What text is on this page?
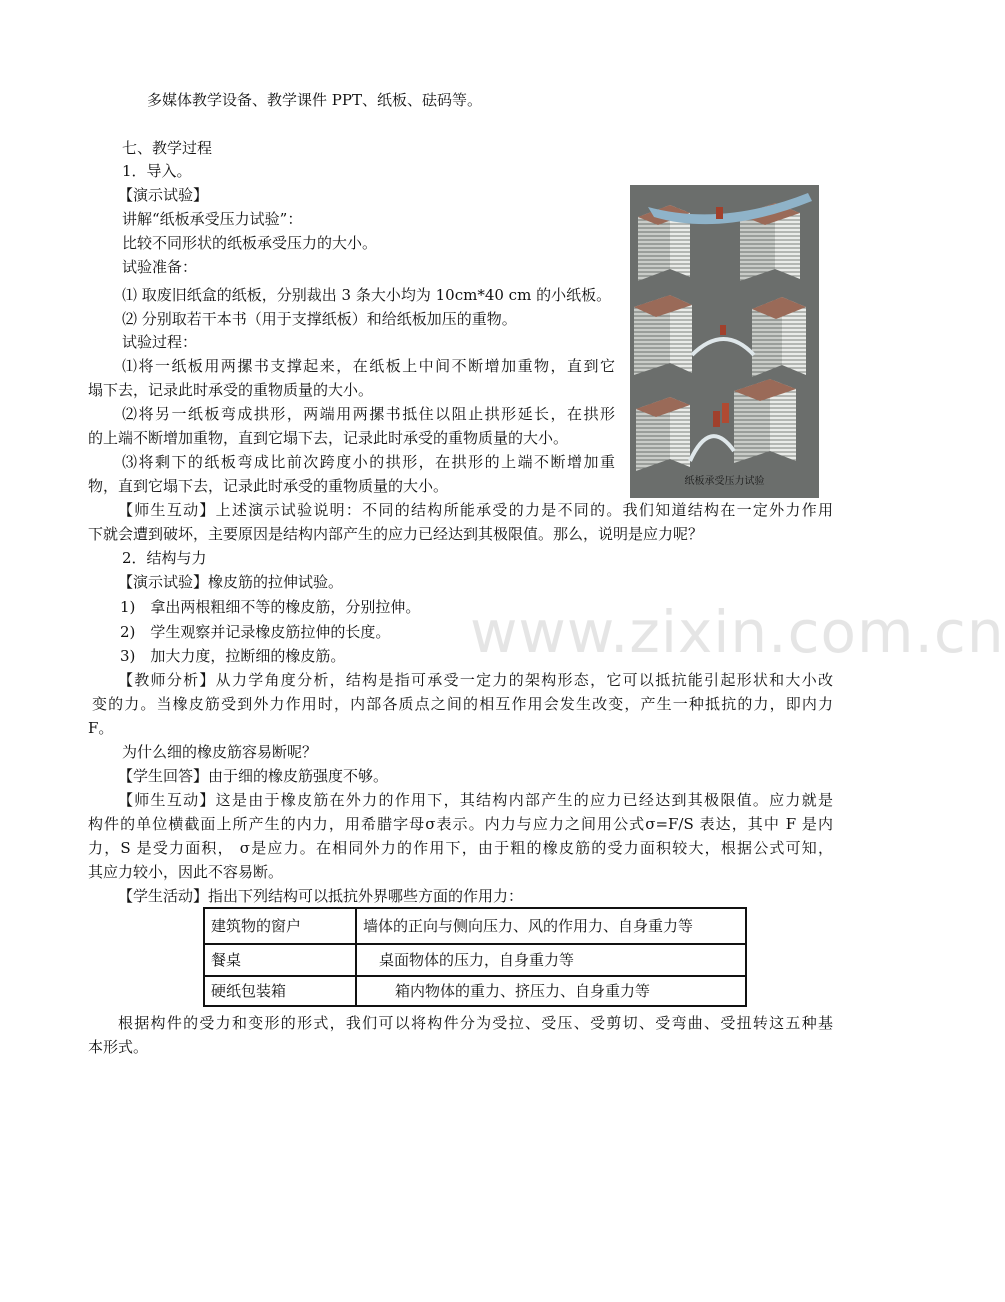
多媒体教学设备、教学课件 PPT、纸板、砝码等。
七、教学过程
1．导入。
【演示试验】
讲解“纸板承受压力试验”：
比较不同形状的纸板承受压力的大小。
试验准备：
⑴ 取废旧纸盒的纸板，分别裁出 3 条大小均为 10cm*40 cm 的小纸板。
⑵ 分别取若干本书（用于支撑纸板）和给纸板加压的重物。
试验过程：
⑴将一纸板用两摞书支撑起来，在纸板上中间不断增加重物，直到它
塌下去，记录此时承受的重物质量的大小。
⑵将另一纸板弯成拱形，两端用两摞书抵住以阻止拱形延长，在拱形
的上端不断增加重物，直到它塌下去，记录此时承受的重物质量的大小。
⑶将剩下的纸板弯成比前次跨度小的拱形，在拱形的上端不断增加重
物，直到它塌下去，记录此时承受的重物质量的大小。
【师生互动】上述演示试验说明：不同的结构所能承受的力是不同的。我们知道结构在一定外力作用
下就会遭到破坏，主要原因是结构内部产生的应力已经达到其极限值。那么，说明是应力呢？
2．结构与力
【演示试验】橡皮筋的拉伸试验。
1)　拿出两根粗细不等的橡皮筋，分别拉伸。
2)　学生观察并记录橡皮筋拉伸的长度。
3)　加大力度，拉断细的橡皮筋。
【教师分析】从力学角度分析，结构是指可承受一定力的架构形态，它可以抵抗能引起形状和大小改
变的力。当橡皮筋受到外力作用时，内部各质点之间的相互作用会发生改变，产生一种抵抗的力，即内力
F。
为什么细的橡皮筋容易断呢？
【学生回答】由于细的橡皮筋强度不够。
【师生互动】这是由于橡皮筋在外力的作用下，其结构内部产生的应力已经达到其极限值。应力就是
构件的单位横截面上所产生的内力，用希腊字母σ表示。内力与应力之间用公式σ=F/S 表达，其中 F 是内
力，S 是受力面积， σ是应力。在相同外力的作用下，由于粗的橡皮筋的受力面积较大，根据公式可知，
其应力较小，因此不容易断。
【学生活动】指出下列结构可以抵抗外界哪些方面的作用力：
建筑物的窗户	墙体的正向与侧向压力、风的作用力、自身重力等
餐桌	桌面物体的压力，自身重力等
硬纸包装箱	箱内物体的重力、挤压力、自身重力等
根据构件的受力和变形的形式，我们可以将构件分为受拉、受压、受剪切、受弯曲、受扭转这五种基
本形式。
纸板承受压力试验
www.zixin.com.cn
